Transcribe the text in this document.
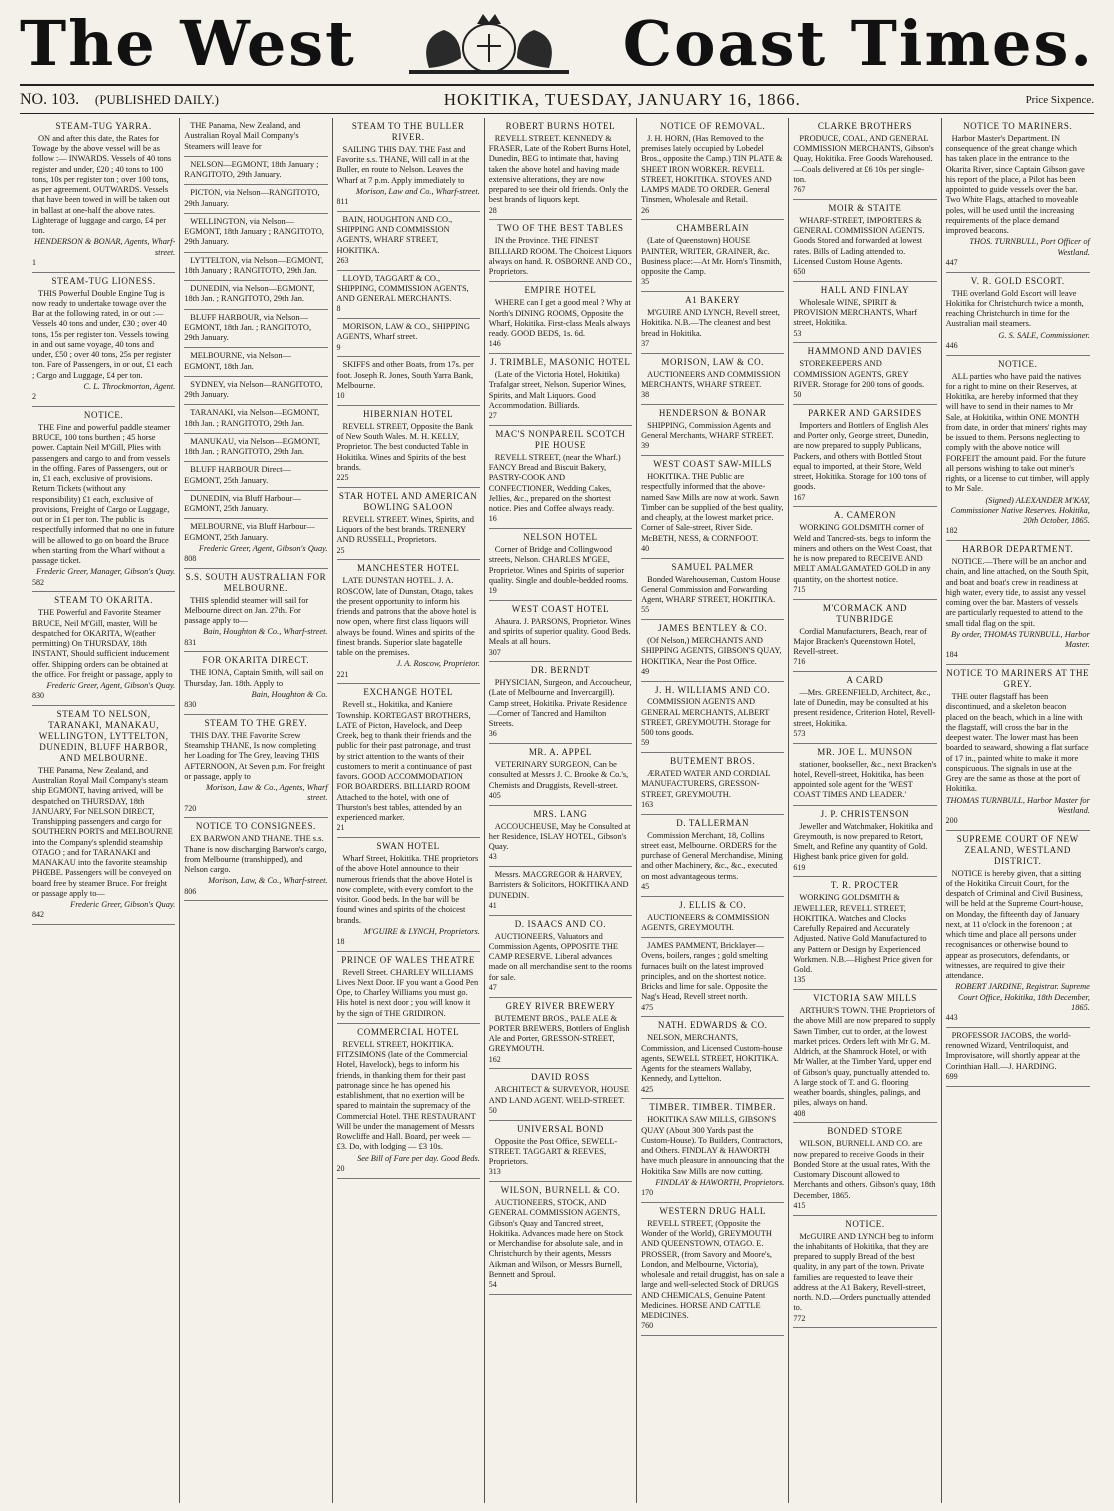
The West	Coast Times.
NO. 103. (PUBLISHED DAILY.)	HOKITIKA, TUESDAY, JANUARY 16, 1866.	Price Sixpence.
STEAM-TUG YARRA.
ON and after this date, the Rates for Towage by the above vessel will be as follow :— INWARDS. Vessels of 40 tons register and under, £20 ; 40 tons to 100 tons, 10s per register ton ; over 100 tons, as per agreement. OUTWARDS. Vessels that have been towed in will be taken out in ballast at one-half the above rates. Lighterage of luggage and cargo, £4 per ton.
HENDERSON & BONAR, Agents, Wharf-street.
1
STEAM-TUG LIONESS.
THIS Powerful Double Engine Tug is now ready to undertake towage over the Bar at the following rated, in or out :— Vessels 40 tons and under, £30 ; over 40 tons, 15s per register ton. Vessels towing in and out same voyage, 40 tons and under, £50 ; over 40 tons, 25s per register ton. Fare of Passengers, in or out, £1 each ; Cargo and Luggage, £4 per ton.
C. L. Throckmorton, Agent.
2
NOTICE.
THE Fine and powerful paddle steamer BRUCE, 100 tons burthen ; 45 horse power. Captain Neil M'Gill, Plies with passengers and cargo to and from vessels in the offing. Fares of Passengers, out or in, £1 each, exclusive of provisions. Return Tickets (without any responsibility) £1 each, exclusive of provisions, Freight of Cargo or Luggage, out or in £1 per ton. The public is respectfully informed that no one in future will be allowed to go on board the Bruce when starting from the Wharf without a passage ticket.
Frederic Greer, Manager, Gibson's Quay.
582
STEAM TO OKARITA.
THE Powerful and Favorite Steamer BRUCE, Neil M'Gill, master, Will be despatched for OKARITA, W(eather permitting) On THURSDAY, 18th INSTANT, Should sufficient inducement offer. Shipping orders can be obtained at the office. For freight or passage, apply to
Frederic Greer, Agent, Gibson's Quay.
830
STEAM TO NELSON, TARANAKI, MANAKAU, WELLINGTON, LYTTELTON, DUNEDIN, BLUFF HARBOR, AND MELBOURNE.
THE Panama, New Zealand, and Australian Royal Mail Company's steam ship EGMONT, having arrived, will be despatched on THURSDAY, 18th JANUARY, For NELSON DIRECT, Transhipping passengers and cargo for SOUTHERN PORTS and MELBOURNE into the Company's splendid steamship OTAGO ; and for TARANAKI and MANAKAU into the favorite steamship PHŒBE. Passengers will be conveyed on board free by steamer Bruce. For freight or passage apply to—
Frederic Greer, Gibson's Quay.
842
THE Panama, New Zealand, and Australian Royal Mail Company's Steamers will leave for
NELSON—EGMONT, 18th January ; RANGITOTO, 29th January.
PICTON, via Nelson—RANGITOTO, 29th January.
WELLINGTON, via Nelson—EGMONT, 18th January ; RANGITOTO, 29th January.
LYTTELTON, via Nelson—EGMONT, 18th January ; RANGITOTO, 29th Jan.
DUNEDIN, via Nelson—EGMONT, 18th Jan. ; RANGITOTO, 29th Jan.
BLUFF HARBOUR, via Nelson—EGMONT, 18th Jan. ; RANGITOTO, 29th January.
MELBOURNE, via Nelson—EGMONT, 18th Jan.
SYDNEY, via Nelson—RANGITOTO, 29th January.
TARANAKI, via Nelson—EGMONT, 18th Jan. ; RANGITOTO, 29th Jan.
MANUKAU, via Nelson—EGMONT, 18th Jan. ; RANGITOTO, 29th Jan.
BLUFF HARBOUR Direct—EGMONT, 25th January.
DUNEDIN, via Bluff Harbour—EGMONT, 25th January.
MELBOURNE, via Bluff Harbour—EGMONT, 25th January.
Frederic Greer, Agent, Gibson's Quay.
808
S.S. SOUTH AUSTRALIAN FOR MELBOURNE.
THIS splendid steamer will sail for Melbourne direct on Jan. 27th. For passage apply to—
Bain, Houghton & Co., Wharf-street.
831
FOR OKARITA DIRECT.
THE IONA, Captain Smith, will sail on Thursday, Jan. 18th. Apply to
Bain, Houghton & Co.
830
STEAM TO THE GREY.
THIS DAY. THE Favorite Screw Steamship THANE, Is now completing her Loading for The Grey, leaving THIS AFTERNOON, At Seven p.m. For freight or passage, apply to
Morison, Law & Co., Agents, Wharf street.
720
NOTICE TO CONSIGNEES.
EX BARWON AND THANE. THE s.s. Thane is now discharging Barwon's cargo, from Melbourne (transhipped), and Nelson cargo.
Morison, Law, & Co., Wharf-street.
806
STEAM TO THE BULLER RIVER.
SAILING THIS DAY. THE Fast and Favorite s.s. THANE, Will call in at the Buller, en route to Nelson. Leaves the Wharf at 7 p.m. Apply immediately to
Morison, Law and Co., Wharf-street.
811
BAIN, HOUGHTON AND CO., SHIPPING AND COMMISSION AGENTS, WHARF STREET, HOKITIKA.
263
LLOYD, TAGGART & CO., SHIPPING, COMMISSION AGENTS, AND GENERAL MERCHANTS.
8
MORISON, LAW & CO., SHIPPING AGENTS, Wharf street.
9
SKIFFS and other Boats, from 17s. per foot. Joseph R. Jones, South Yarra Bank, Melbourne.
10
HIBERNIAN HOTEL
REVELL STREET, Opposite the Bank of New South Wales. M. H. KELLY, Proprietor. The best conducted Table in Hokitika. Wines and Spirits of the best brands.
225
STAR HOTEL AND AMERICAN BOWLING SALOON
REVELL STREET. Wines, Spirits, and Liquors of the best brands. TRENERY AND RUSSELL, Proprietors.
25
MANCHESTER HOTEL
LATE DUNSTAN HOTEL. J. A. ROSCOW, late of Dunstan, Otago, takes the present opportunity to inform his friends and patrons that the above hotel is now open, where first class liquors will always be found. Wines and spirits of the finest brands. Superior slate bagatelle table on the premises.
J. A. Roscow, Proprietor.
221
EXCHANGE HOTEL
Revell st., Hokitika, and Kaniere Township. KORTEGAST BROTHERS, LATE of Picton, Havelock, and Deep Creek, beg to thank their friends and the public for their past patronage, and trust by strict attention to the wants of their customers to merit a continuance of past favors. GOOD ACCOMMODATION FOR BOARDERS. BILLIARD ROOM Attached to the hotel, with one of Thurston's best tables, attended by an experienced marker.
21
SWAN HOTEL
Wharf Street, Hokitika. THE proprietors of the above Hotel announce to their numerous friends that the above Hotel is now complete, with every comfort to the visitor. Good beds. In the bar will be found wines and spirits of the choicest brands.
M'GUIRE & LYNCH, Proprietors.
18
PRINCE OF WALES THEATRE
Revell Street. CHARLEY WILLIAMS Lives Next Door. IF you want a Good Pen Ope, to Charley Williams you must go. His hotel is next door ; you will know it by the sign of THE GRIDIRON.
COMMERCIAL HOTEL
REVELL STREET, HOKITIKA. FITZSIMONS (late of the Commercial Hotel, Havelock), begs to inform his friends, in thanking them for their past patronage since he has opened his establishment, that no exertion will be spared to maintain the supremacy of the Commercial Hotel. THE RESTAURANT Will be under the management of Messrs Rowcliffe and Hall. Board, per week — £3. Do, with lodging — £3 10s.
See Bill of Fare per day. Good Beds.
20
ROBERT BURNS HOTEL
REVELL STREET. KENNEDY & FRASER, Late of the Robert Burns Hotel, Dunedin, BEG to intimate that, having taken the above hotel and having made extensive alterations, they are now prepared to see their old friends. Only the best brands of liquors kept.
28
TWO OF THE BEST TABLES
IN the Province. THE FINEST BILLIARD ROOM. The Choicest Liquors always on hand. R. OSBORNE AND CO., Proprietors.
EMPIRE HOTEL
WHERE can I get a good meal ? Why at North's DINING ROOMS, Opposite the Wharf, Hokitika. First-class Meals always ready. GOOD BEDS, 1s. 6d.
146
J. TRIMBLE, MASONIC HOTEL
(Late of the Victoria Hotel, Hokitika) Trafalgar street, Nelson. Superior Wines, Spirits, and Malt Liquors. Good Accommodation. Billiards.
27
MAC'S NONPAREIL SCOTCH PIE HOUSE
REVELL STREET, (near the Wharf.) FANCY Bread and Biscuit Bakery, PASTRY-COOK AND CONFECTIONER, Wedding Cakes, Jellies, &c., prepared on the shortest notice. Pies and Coffee always ready.
16
NELSON HOTEL
Corner of Bridge and Collingwood streets, Nelson. CHARLES M'GEE, Proprietor. Wines and Spirits of superior quality. Single and double-bedded rooms.
19
WEST COAST HOTEL
Ahaura. J. PARSONS, Proprietor. Wines and spirits of superior quality. Good Beds. Meals at all hours.
307
DR. BERNDT
PHYSICIAN, Surgeon, and Accoucheur, (Late of Melbourne and Invercargill). Camp street, Hokitika. Private Residence—Corner of Tancred and Hamilton Streets.
36
MR. A. APPEL
VETERINARY SURGEON, Can be consulted at Messrs J. C. Brooke & Co.'s, Chemists and Druggists, Revell-street.
405
MRS. LANG
ACCOUCHEUSE, May be Consulted at her Residence, ISLAY HOTEL, Gibson's Quay.
43
Messrs. MACGREGOR & HARVEY, Barristers & Solicitors, HOKITIKA AND DUNEDIN.
41
D. ISAACS AND CO.
AUCTIONEERS, Valuators and Commission Agents, OPPOSITE THE CAMP RESERVE. Liberal advances made on all merchandise sent to the rooms for sale.
47
GREY RIVER BREWERY
BUTEMENT BROS., PALE ALE & PORTER BREWERS, Bottlers of English Ale and Porter, GRESSON-STREET, GREYMOUTH.
162
DAVID ROSS
ARCHITECT & SURVEYOR, HOUSE AND LAND AGENT. WELD-STREET.
50
UNIVERSAL BOND
Opposite the Post Office, SEWELL-STREET. TAGGART & REEVES, Proprietors.
313
WILSON, BURNELL & CO.
AUCTIONEERS, STOCK, AND GENERAL COMMISSION AGENTS, Gibson's Quay and Tancred street, Hokitika. Advances made here on Stock or Merchandise for absolute sale, and in Christchurch by their agents, Messrs Aikman and Wilson, or Messrs Burnell, Bennett and Sproul.
54
NOTICE OF REMOVAL.
J. H. HORN, (Has Removed to the premises lately occupied by Lobedel Bros., opposite the Camp.) TIN PLATE & SHEET IRON WORKER. REVELL STREET, HOKITIKA. STOVES AND LAMPS MADE TO ORDER. General Tinsmen, Wholesale and Retail.
26
CHAMBERLAIN
(Late of Queenstown) HOUSE PAINTER, WRITER, GRAINER, &c. Business place:—At Mr. Horn's Tinsmith, opposite the Camp.
35
A1 BAKERY
M'GUIRE AND LYNCH, Revell street, Hokitika. N.B.—The cleanest and best bread in Hokitika.
37
MORISON, LAW & CO.
AUCTIONEERS AND COMMISSION MERCHANTS, WHARF STREET.
38
HENDERSON & BONAR
SHIPPING, Commission Agents and General Merchants, WHARF STREET.
39
WEST COAST SAW-MILLS
HOKITIKA. THE Public are respectfully informed that the above-named Saw Mills are now at work. Sawn Timber can be supplied of the best quality, and cheaply, at the lowest market price. Corner of Sale-street, River Side. McBETH, NESS, & CORNFOOT.
40
SAMUEL PALMER
Bonded Warehouseman, Custom House General Commission and Forwarding Agent, WHARF STREET, HOKITIKA.
55
JAMES BENTLEY & CO.
(Of Nelson,) MERCHANTS AND SHIPPING AGENTS, GIBSON'S QUAY, HOKITIKA, Near the Post Office.
49
J. H. WILLIAMS AND CO.
COMMISSION AGENTS AND GENERAL MERCHANTS, ALBERT STREET, GREYMOUTH. Storage for 500 tons goods.
59
BUTEMENT BROS.
ÆRATED WATER AND CORDIAL MANUFACTURERS, GRESSON-STREET, GREYMOUTH.
163
D. TALLERMAN
Commission Merchant, 18, Collins street east, Melbourne. ORDERS for the purchase of General Merchandise, Mining and other Machinery, &c., &c., executed on most advantageous terms.
45
J. ELLIS & CO.
AUCTIONEERS & COMMISSION AGENTS, GREYMOUTH.
JAMES PAMMENT, Bricklayer—Ovens, boilers, ranges ; gold smelting furnaces built on the latest improved principles, and on the shortest notice. Bricks and lime for sale. Opposite the Nag's Head, Revell street north.
475
NATH. EDWARDS & CO.
NELSON, MERCHANTS, Commission, and Licensed Custom-house agents, SEWELL STREET, HOKITIKA. Agents for the steamers Wallaby, Kennedy, and Lyttelton.
425
TIMBER. TIMBER. TIMBER.
HOKITIKA SAW MILLS, GIBSON'S QUAY (About 300 Yards past the Custom-House). To Builders, Contractors, and Others. FINDLAY & HAWORTH have much pleasure in announcing that the Hokitika Saw Mills are now cutting.
FINDLAY & HAWORTH, Proprietors.
170
WESTERN DRUG HALL
REVELL STREET, (Opposite the Wonder of the World), GREYMOUTH AND QUEENSTOWN, OTAGO. E. PROSSER, (from Savory and Moore's, London, and Melbourne, Victoria), wholesale and retail druggist, has on sale a large and well-selected Stock of DRUGS AND CHEMICALS, Genuine Patent Medicines. HORSE AND CATTLE MEDICINES.
760
CLARKE BROTHERS
PRODUCE, COAL, AND GENERAL COMMISSION MERCHANTS, Gibson's Quay, Hokitika. Free Goods Warehoused.—Coals delivered at £6 10s per single-ton.
767
MOIR & STAITE
WHARF-STREET, IMPORTERS & GENERAL COMMISSION AGENTS. Goods Stored and forwarded at lowest rates. Bills of Lading attended to. Licensed Custom House Agents.
650
HALL AND FINLAY
Wholesale WINE, SPIRIT & PROVISION MERCHANTS, Wharf street, Hokitika.
53
HAMMOND AND DAVIES
STOREKEEPERS AND COMMISSION AGENTS, GREY RIVER. Storage for 200 tons of goods.
50
PARKER AND GARSIDES
Importers and Bottlers of English Ales and Porter only, George street, Dunedin, are now prepared to supply Publicans, Packers, and others with Bottled Stout equal to imported, at their Store, Weld street, Hokitika. Storage for 100 tons of goods.
167
A. CAMERON
WORKING GOLDSMITH corner of Weld and Tancred-sts. begs to inform the miners and others on the West Coast, that he is now prepared to RECEIVE AND MELT AMALGAMATED GOLD in any quantity, on the shortest notice.
715
M'CORMACK AND TUNBRIDGE
Cordial Manufacturers, Beach, rear of Major Bracken's Queenstown Hotel, Revell-street.
716
A CARD
—Mrs. GREENFIELD, Architect, &c., late of Dunedin, may be consulted at his present residence, Criterion Hotel, Revell-street, Hokitika.
573
MR. JOE L. MUNSON
stationer, bookseller, &c., next Bracken's hotel, Revell-street, Hokitika, has been appointed sole agent for the 'WEST COAST TIMES AND LEADER.'
J. P. CHRISTENSON
Jeweller and Watchmaker, Hokitika and Greymouth, is now prepared to Retort, Smelt, and Refine any quantity of Gold. Highest bank price given for gold.
619
T. R. PROCTER
WORKING GOLDSMITH & JEWELLER, REVELL STREET, HOKITIKA. Watches and Clocks Carefully Repaired and Accurately Adjusted. Native Gold Manufactured to any Pattern or Design by Experienced Workmen. N.B.—Highest Price given for Gold.
135
VICTORIA SAW MILLS
ARTHUR'S TOWN. THE Proprietors of the above Mill are now prepared to supply Sawn Timber, cut to order, at the lowest market prices. Orders left with Mr G. M. Aldrich, at the Shamrock Hotel, or with Mr Waller, at the Timber Yard, upper end of Gibson's quay, punctually attended to. A large stock of T. and G. flooring weather boards, shingles, palings, and piles, always on hand.
408
BONDED STORE
WILSON, BURNELL AND CO. are now prepared to receive Goods in their Bonded Store at the usual rates, With the Customary Discount allowed to Merchants and others. Gibson's quay, 18th December, 1865.
415
NOTICE.
McGUIRE AND LYNCH beg to inform the inhabitants of Hokitika, that they are prepared to supply Bread of the best quality, in any part of the town. Private families are requested to leave their address at the A1 Bakery, Revell-street, north. N.D.—Orders punctually attended to.
772
NOTICE TO MARINERS.
Harbor Master's Department. IN consequence of the great change which has taken place in the entrance to the Okarita River, since Captain Gibson gave his report of the place, a Pilot has been appointed to guide vessels over the bar. Two White Flags, attached to moveable poles, will be used until the increasing requirements of the place demand improved beacons.
THOS. TURNBULL, Port Officer of Westland.
447
V. R. GOLD ESCORT.
THE overland Gold Escort will leave Hokitika for Christchurch twice a month, reaching Christchurch in time for the Australian mail steamers.
G. S. SALE, Commissioner.
446
NOTICE.
ALL parties who have paid the natives for a right to mine on their Reserves, at Hokitika, are hereby informed that they will have to send in their names to Mr Sale, at Hokitika, within ONE MONTH from date, in order that miners' rights may be issued to them. Persons neglecting to comply with the above notice will FORFEIT the amount paid. For the future all persons wishing to take out miner's rights, or a license to cut timber, will apply to Mr Sale.
(Signed) ALEXANDER M'KAY, Commissioner Native Reserves. Hokitika, 20th October, 1865.
182
HARBOR DEPARTMENT.
NOTICE.—There will be an anchor and chain, and line attached, on the South Spit, and boat and boat's crew in readiness at high water, every tide, to assist any vessel coming over the bar. Masters of vessels are particularly requested to attend to the small tidal flag on the spit.
By order, THOMAS TURNBULL, Harbor Master.
184
NOTICE TO MARINERS AT THE GREY.
THE outer flagstaff has been discontinued, and a skeleton beacon placed on the beach, which in a line with the flagstaff, will cross the bar in the deepest water. The lower mast has been boarded to seaward, showing a flat surface of 17 in., painted white to make it more conspicuous. The signals in use at the Grey are the same as those at the port of Hokitika.
THOMAS TURNBULL, Harbor Master for Westland.
200
SUPREME COURT OF NEW ZEALAND, WESTLAND DISTRICT.
NOTICE is hereby given, that a sitting of the Hokitika Circuit Court, for the despatch of Criminal and Civil Business, will be held at the Supreme Court-house, on Monday, the fifteenth day of January next, at 11 o'clock in the forenoon ; at which time and place all persons under recognisances or otherwise bound to appear as prosecutors, defendants, or witnesses, are required to give their attendance.
ROBERT JARDINE, Registrar. Supreme Court Office, Hokitika, 18th December, 1865.
443
PROFESSOR JACOBS, the world-renowned Wizard, Ventriloquist, and Improvisatore, will shortly appear at the Corinthian Hall.—J. HARDING.
699
